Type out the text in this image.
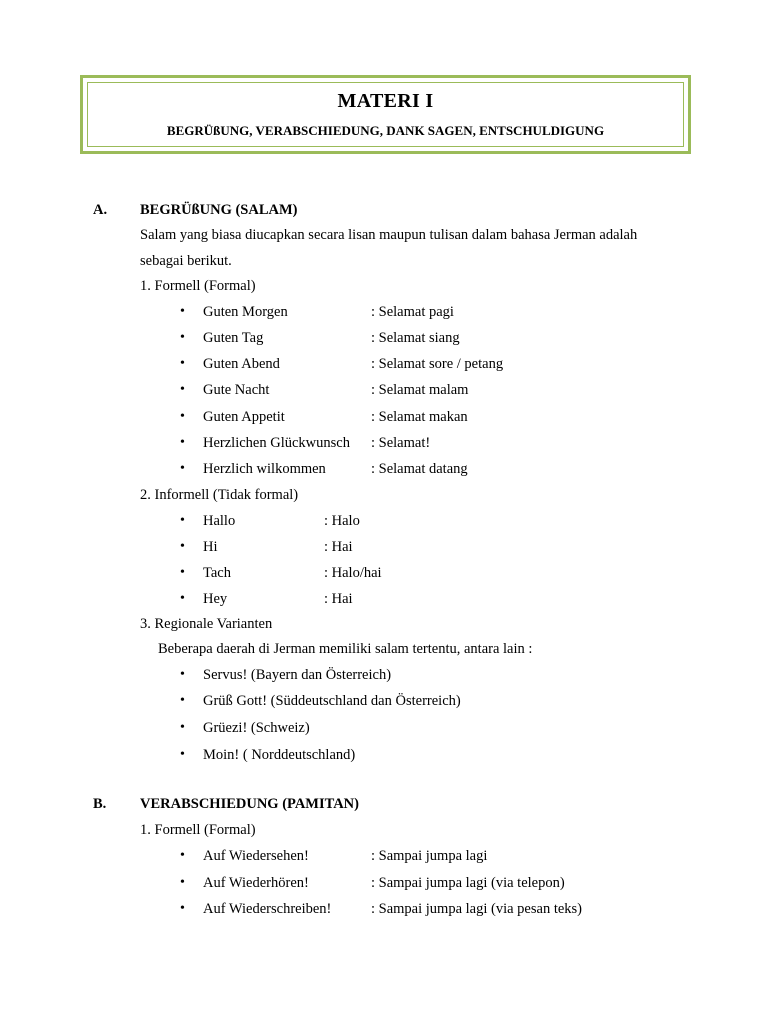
MATERI I
BEGRÜßUNG, VERABSCHIEDUNG, DANK SAGEN, ENTSCHULDIGUNG
A. BEGRÜßUNG (SALAM)
Salam yang biasa diucapkan secara lisan maupun tulisan dalam bahasa Jerman adalah
sebagai berikut.
1. Formell (Formal)
• Guten Morgen	: Selamat pagi
• Guten Tag	: Selamat siang
• Guten Abend	: Selamat sore / petang
• Gute Nacht	: Selamat malam
• Guten Appetit	: Selamat makan
• Herzlichen Glückwunsch : Selamat!
• Herzlich wilkommen	: Selamat datang
2. Informell (Tidak formal)
• Hallo	: Halo
• Hi	: Hai
• Tach	: Halo/hai
• Hey	: Hai
3. Regionale Varianten
Beberapa daerah di Jerman memiliki salam tertentu, antara lain :
• Servus! (Bayern dan Österreich)
• Grüß Gott! (Süddeutschland dan Österreich)
• Grüezi! (Schweiz)
• Moin! ( Norddeutschland)
B. VERABSCHIEDUNG (PAMITAN)
1. Formell (Formal)
• Auf Wiedersehen!	: Sampai jumpa lagi
• Auf Wiederhören!	: Sampai jumpa lagi (via telepon)
• Auf Wiederschreiben!	: Sampai jumpa lagi (via pesan teks)
